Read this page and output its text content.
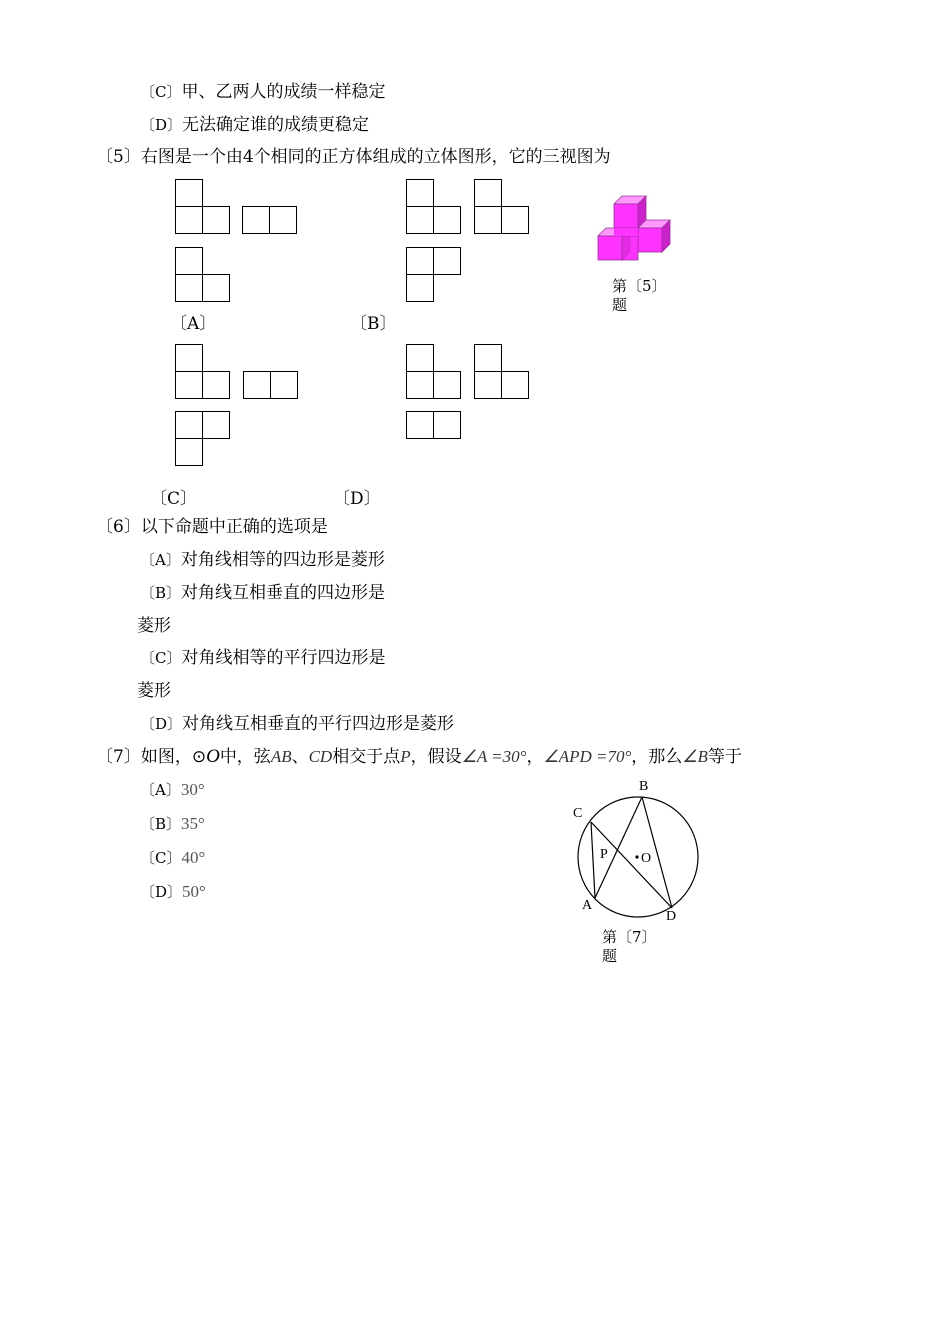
〔C〕甲、乙两人的成绩一样稳定
〔D〕无法确定谁的成绩更稳定
〔5〕右图是一个由4个相同的正方体组成的立体图形，它的三视图为
〔A〕	〔B〕
第〔5〕
题
〔C〕	〔D〕
〔6〕以下命题中正确的选项是
〔A〕对角线相等的四边形是菱形
〔B〕对角线互相垂直的四边形是
菱形
〔C〕对角线相等的平行四边形是
菱形
〔D〕对角线互相垂直的平行四边形是菱形
〔7〕如图，⊙O中，弦AB、CD相交于点P，假设∠A =30°，∠APD =70°，那么∠B等于
〔A〕30°
〔B〕35°
〔C〕40°
〔D〕50°
B
C
P O
A
D
第〔7〕
题
